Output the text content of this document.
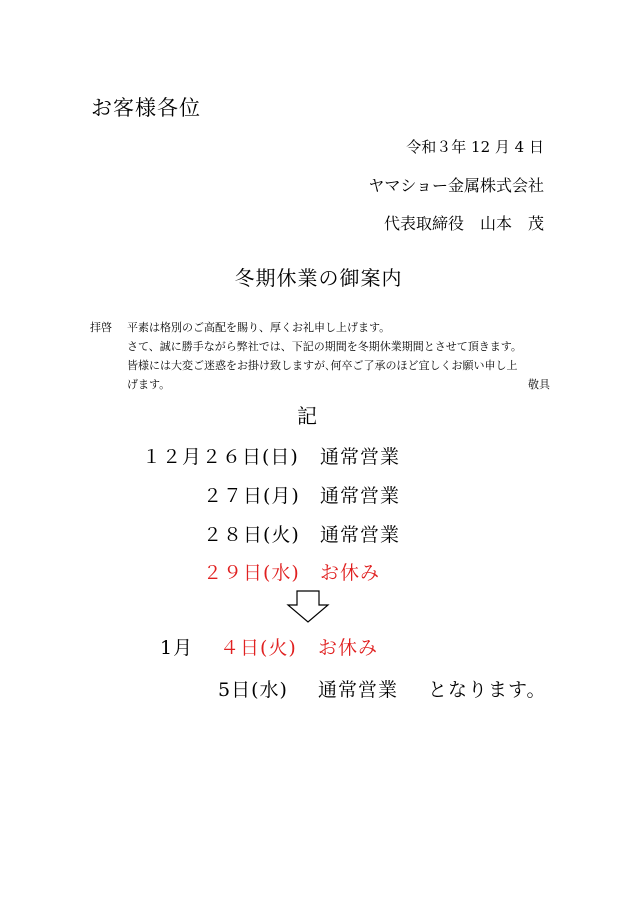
お客様各位
令和３年 12 月 4 日
ヤマショー金属株式会社
代表取締役　山本　茂
冬期休業の御案内
拝啓 平素は格別のご高配を賜り、厚くお礼申し上げます。
さて、誠に勝手ながら弊社では、下記の期間を冬期休業期間とさせて頂きます。
皆様には大変ご迷惑をお掛け致しますが､何卒ご了承のほど宜しくお願い申し上
げます。	敬具
記
１２月２６日(日) 通常営業
２７日(月) 通常営業
２８日(火) 通常営業
２９日(水) お休み
1月 ４日(火) お休み
5日(水) 通常営業 となります。
